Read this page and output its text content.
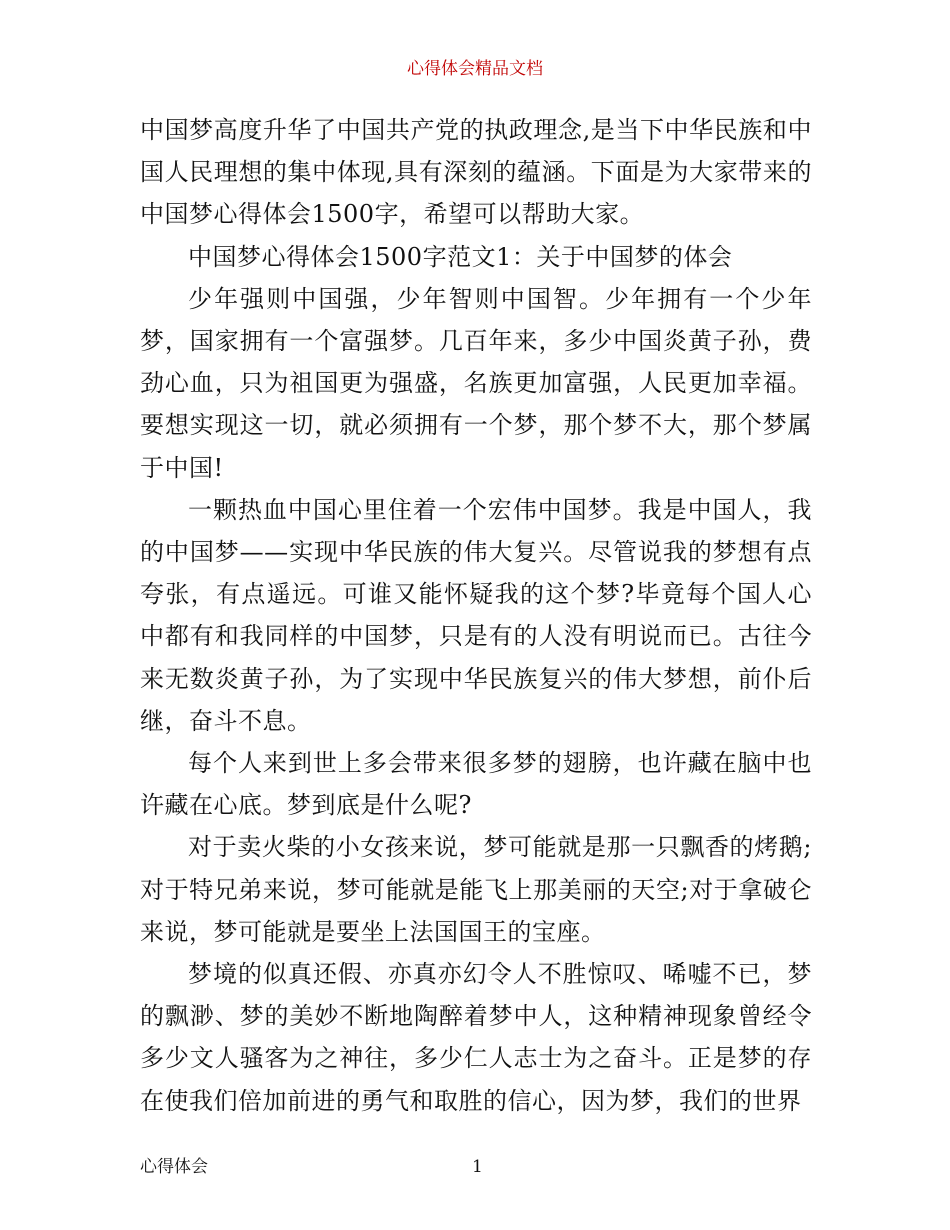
心得体会精品文档

中国梦高度升华了中国共产党的执政理念,是当下中华民族和中国人民理想的集中体现,具有深刻的蕴涵。下面是为大家带来的中国梦心得体会1500字，希望可以帮助大家。

中国梦心得体会1500字范文1：关于中国梦的体会

少年强则中国强，少年智则中国智。少年拥有一个少年梦，国家拥有一个富强梦。几百年来，多少中国炎黄子孙，费劲心血，只为祖国更为强盛，名族更加富强，人民更加幸福。要想实现这一切，就必须拥有一个梦，那个梦不大，那个梦属于中国!

一颗热血中国心里住着一个宏伟中国梦。我是中国人，我的中国梦——实现中华民族的伟大复兴。尽管说我的梦想有点夸张，有点遥远。可谁又能怀疑我的这个梦?毕竟每个国人心中都有和我同样的中国梦，只是有的人没有明说而已。古往今来无数炎黄子孙，为了实现中华民族复兴的伟大梦想，前仆后继，奋斗不息。

每个人来到世上多会带来很多梦的翅膀，也许藏在脑中也许藏在心底。梦到底是什么呢?

对于卖火柴的小女孩来说，梦可能就是那一只飘香的烤鹅;对于特兄弟来说，梦可能就是能飞上那美丽的天空;对于拿破仑来说，梦可能就是要坐上法国国王的宝座。

梦境的似真还假、亦真亦幻令人不胜惊叹、唏嘘不已，梦的飘渺、梦的美妙不断地陶醉着梦中人，这种精神现象曾经令多少文人骚客为之神往，多少仁人志士为之奋斗。正是梦的存在使我们倍加前进的勇气和取胜的信心，因为梦，我们的世界

心得体会	1
